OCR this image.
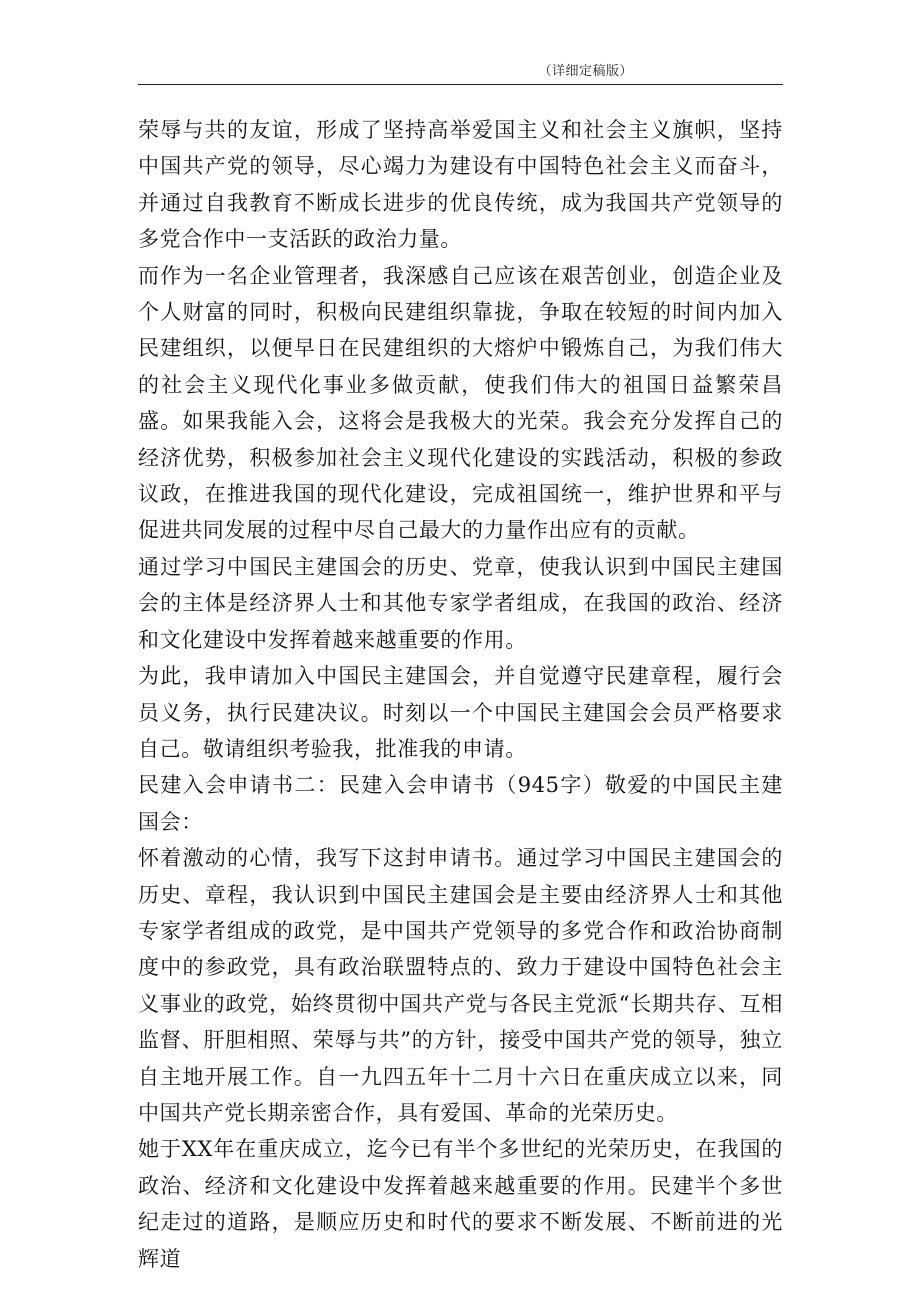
（详细定稿版）

荣辱与共的友谊，形成了坚持高举爱国主义和社会主义旗帜，坚持中国共产党的领导，尽心竭力为建设有中国特色社会主义而奋斗，并通过自我教育不断成长进步的优良传统，成为我国共产党领导的多党合作中一支活跃的政治力量。

而作为一名企业管理者，我深感自己应该在艰苦创业，创造企业及个人财富的同时，积极向民建组织靠拢，争取在较短的时间内加入民建组织，以便早日在民建组织的大熔炉中锻炼自己，为我们伟大的社会主义现代化事业多做贡献，使我们伟大的祖国日益繁荣昌盛。如果我能入会，这将会是我极大的光荣。我会充分发挥自己的经济优势，积极参加社会主义现代化建设的实践活动，积极的参政议政，在推进我国的现代化建设，完成祖国统一，维护世界和平与促进共同发展的过程中尽自己最大的力量作出应有的贡献。

通过学习中国民主建国会的历史、党章，使我认识到中国民主建国会的主体是经济界人士和其他专家学者组成，在我国的政治、经济和文化建设中发挥着越来越重要的作用。

为此，我申请加入中国民主建国会，并自觉遵守民建章程，履行会员义务，执行民建决议。时刻以一个中国民主建国会会员严格要求自己。敬请组织考验我，批准我的申请。

民建入会申请书二：民建入会申请书（945字）敬爱的中国民主建国会：

怀着激动的心情，我写下这封申请书。通过学习中国民主建国会的历史、章程，我认识到中国民主建国会是主要由经济界人士和其他专家学者组成的政党，是中国共产党领导的多党合作和政治协商制度中的参政党，具有政治联盟特点的、致力于建设中国特色社会主义事业的政党，始终贯彻中国共产党与各民主党派“长期共存、互相监督、肝胆相照、荣辱与共”的方针，接受中国共产党的领导，独立自主地开展工作。自一九四五年十二月十六日在重庆成立以来，同中国共产党长期亲密合作，具有爱国、革命的光荣历史。

她于XX年在重庆成立，迄今已有半个多世纪的光荣历史，在我国的政治、经济和文化建设中发挥着越来越重要的作用。民建半个多世纪走过的道路，是顺应历史和时代的要求不断发展、不断前进的光辉道
